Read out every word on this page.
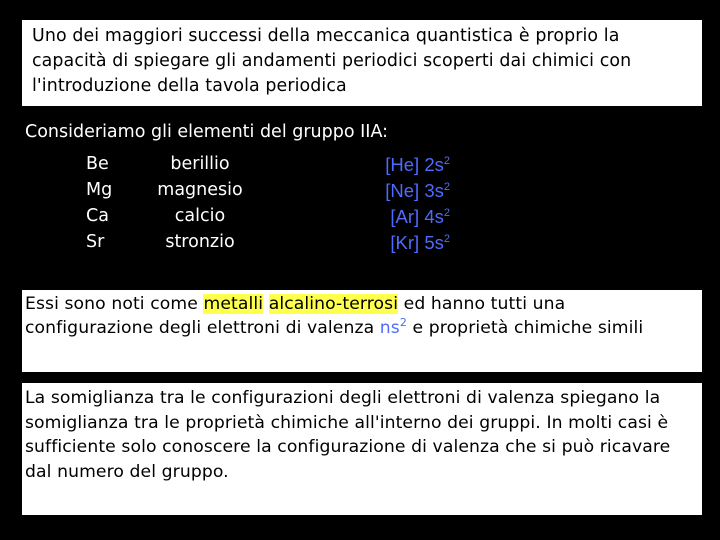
Uno dei maggiori successi della meccanica quantistica è proprio la capacità di spiegare gli andamenti periodici scoperti dai chimici con l'introduzione della tavola periodica
Consideriamo gli elementi del gruppo IIA:
Be	berillio	[He] $2s^2$
Mg	magnesio	[Ne] $3s^2$
Ca	calcio	[Ar] $4s^2$
Sr	stronzio	[Kr] $5s^2$
Essi sono noti come metalli alcalino-terrosi ed hanno tutti una configurazione degli elettroni di valenza $ns^2$ e proprietà chimiche simili
La somiglianza tra le configurazioni degli elettroni di valenza spiegano la somiglianza tra le proprietà chimiche all'interno dei gruppi. In molti casi è sufficiente solo conoscere la configurazione di valenza che si può ricavare dal numero del gruppo.
